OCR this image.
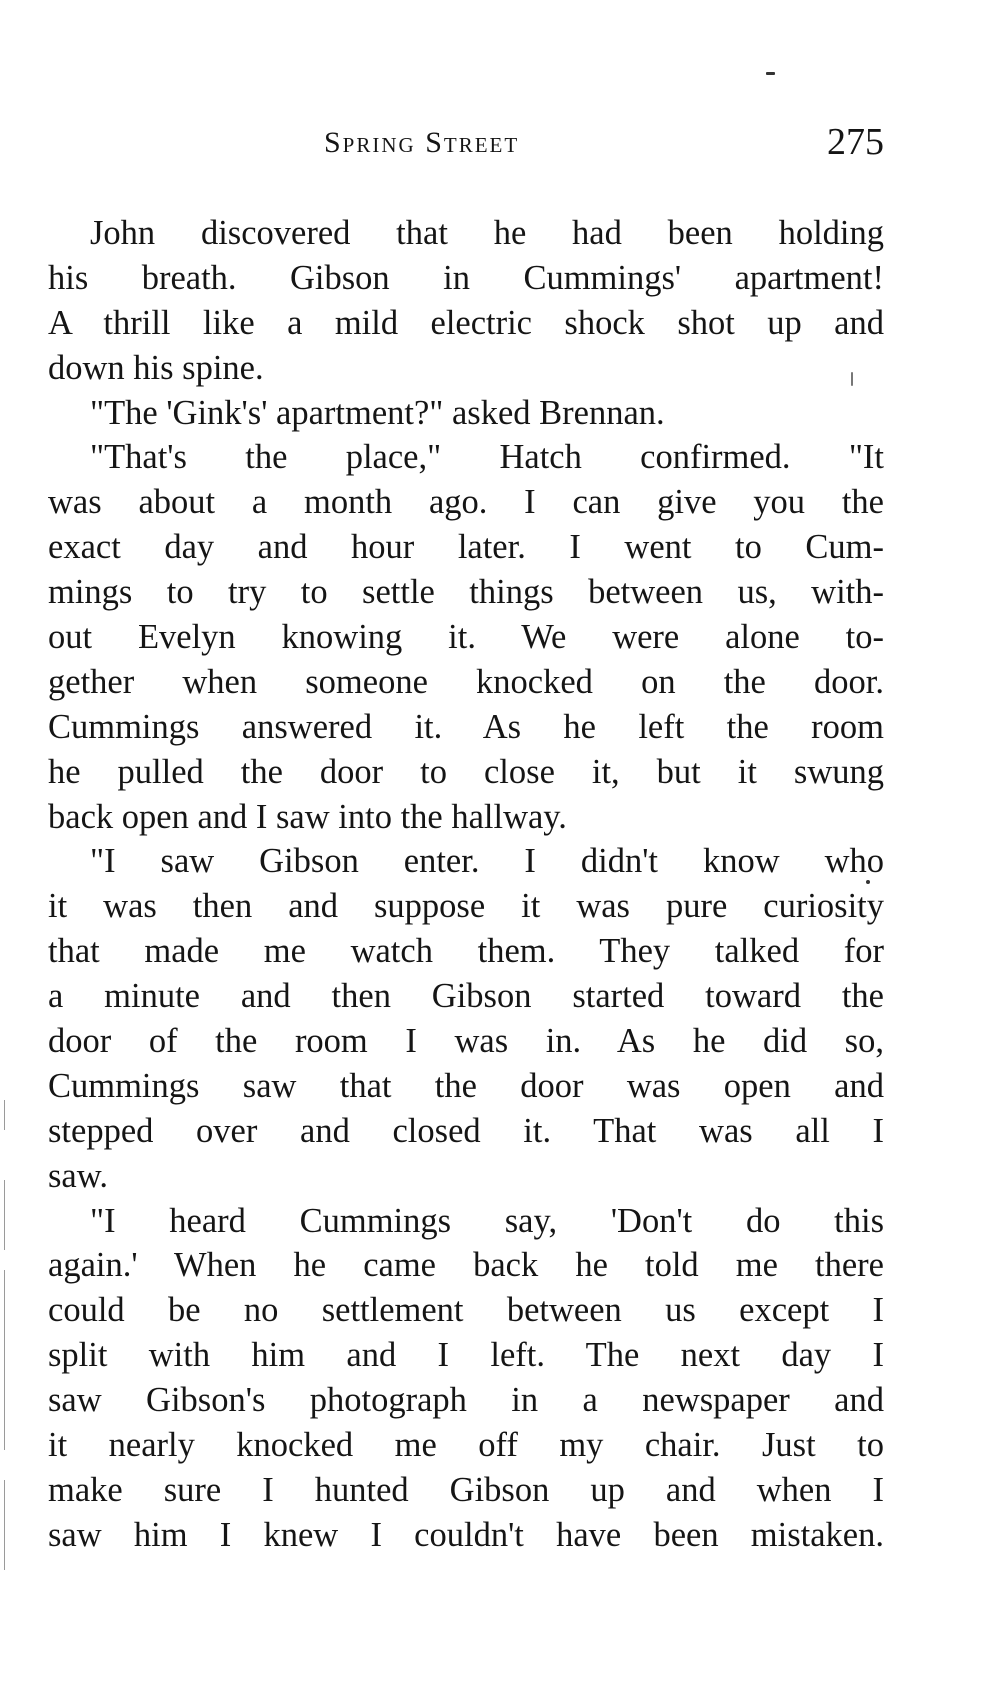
Spring Street	275
John discovered that he had been holding
his breath. Gibson in Cummings' apartment!
A thrill like a mild electric shock shot up and
down his spine.
"The 'Gink's' apartment?" asked Brennan.
"That's the place," Hatch confirmed. "It
was about a month ago. I can give you the
exact day and hour later. I went to Cum-
mings to try to settle things between us, with-
out Evelyn knowing it. We were alone to-
gether when someone knocked on the door.
Cummings answered it. As he left the room
he pulled the door to close it, but it swung
back open and I saw into the hallway.
"I saw Gibson enter. I didn't know who
it was then and suppose it was pure curiosity
that made me watch them. They talked for
a minute and then Gibson started toward the
door of the room I was in. As he did so,
Cummings saw that the door was open and
stepped over and closed it. That was all I
saw.
"I heard Cummings say, 'Don't do this
again.' When he came back he told me there
could be no settlement between us except I
split with him and I left. The next day I
saw Gibson's photograph in a newspaper and
it nearly knocked me off my chair. Just to
make sure I hunted Gibson up and when I
saw him I knew I couldn't have been mistaken.
